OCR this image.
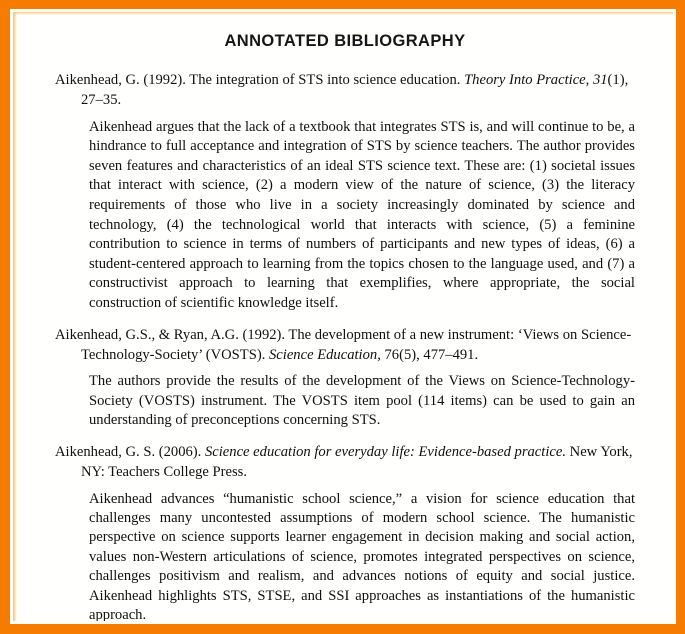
ANNOTATED BIBLIOGRAPHY

Aikenhead, G. (1992). The integration of STS into science education. Theory Into Practice, 31(1), 27–35.

Aikenhead argues that the lack of a textbook that integrates STS is, and will continue to be, a hindrance to full acceptance and integration of STS by science teachers. The author provides seven features and characteristics of an ideal STS science text. These are: (1) societal issues that interact with science, (2) a modern view of the nature of science, (3) the literacy requirements of those who live in a society increasingly dominated by science and technology, (4) the technological world that interacts with science, (5) a feminine contribution to science in terms of numbers of participants and new types of ideas, (6) a student-centered approach to learning from the topics chosen to the language used, and (7) a constructivist approach to learning that exemplifies, where appropriate, the social construction of scientific knowledge itself.

Aikenhead, G.S., & Ryan, A.G. (1992). The development of a new instrument: ‘Views on Science-Technology-Society’ (VOSTS). Science Education, 76(5), 477–491.

The authors provide the results of the development of the Views on Science-Technology-Society (VOSTS) instrument. The VOSTS item pool (114 items) can be used to gain an understanding of preconceptions concerning STS.

Aikenhead, G. S. (2006). Science education for everyday life: Evidence-based practice. New York, NY: Teachers College Press.

Aikenhead advances “humanistic school science,” a vision for science education that challenges many uncontested assumptions of modern school science. The humanistic perspective on science supports learner engagement in decision making and social action, values non-Western articulations of science, promotes integrated perspectives on science, challenges positivism and realism, and advances notions of equity and social justice. Aikenhead highlights STS, STSE, and SSI approaches as instantiations of the humanistic approach.
